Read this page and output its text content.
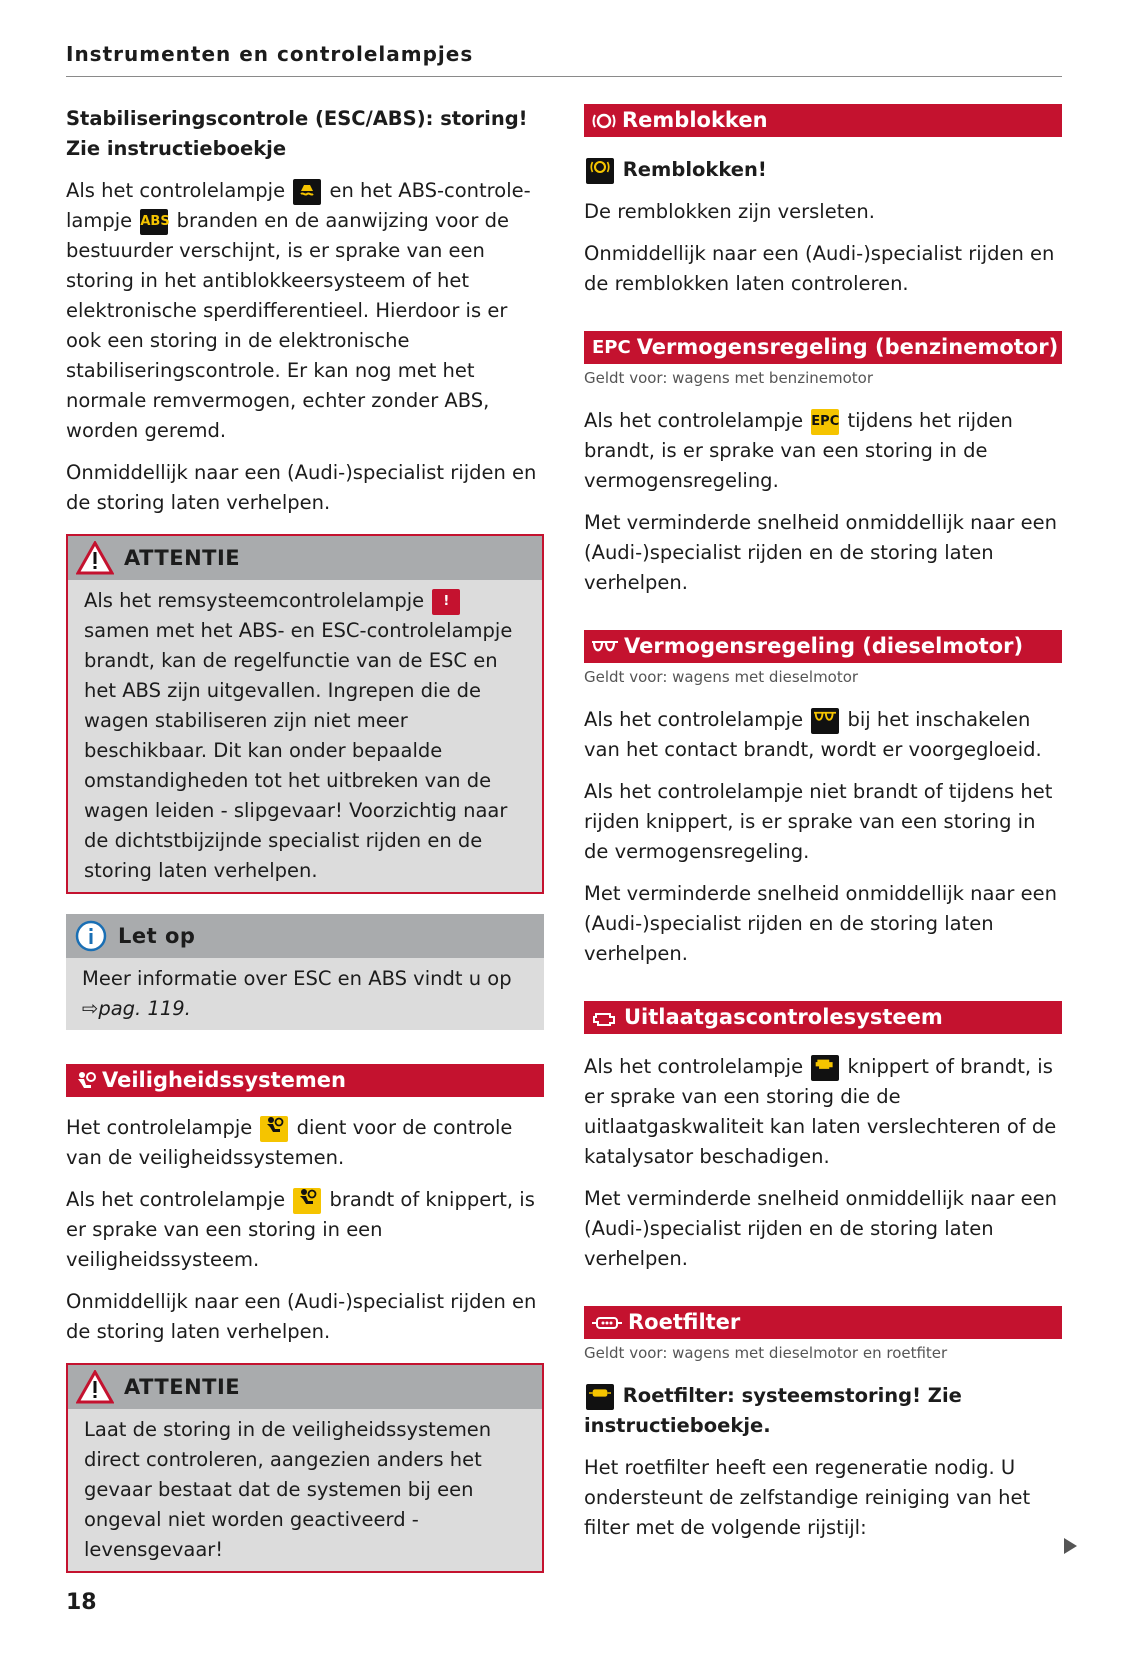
Instrumenten en controlelampjes
Stabiliseringscontrole (ESC/ABS): storing! Zie instructieboekje

Als het controlelampje en het ABS-controle-lampje ABS branden en de aanwijzing voor de bestuurder verschijnt, is er sprake van een storing in het antiblokkeersysteem of het elektronische sperdifferentieel. Hierdoor is er ook een storing in de elektronische stabiliseringscontrole. Er kan nog met het normale remvermogen, echter zonder ABS, worden geremd.

Onmiddellijk naar een (Audi-)specialist rijden en de storing laten verhelpen.

ATTENTIE

Als het remsysteemcontrolelampje ! samen met het ABS- en ESC-controlelampje brandt, kan de regelfunctie van de ESC en het ABS zijn uitgevallen. Ingrepen die de wagen stabiliseren zijn niet meer beschikbaar. Dit kan onder bepaalde omstandigheden tot het uitbreken van de wagen leiden - slipgevaar! Voorzichtig naar de dichtstbijzijnde specialist rijden en de storing laten verhelpen.

Let op

Meer informatie over ESC en ABS vindt u op
⇨pag. 119.

Veiligheidssystemen

Het controlelampje dient voor de controle van de veiligheidssystemen.

Als het controlelampje brandt of knippert, is er sprake van een storing in een veiligheidssysteem.

Onmiddellijk naar een (Audi-)specialist rijden en de storing laten verhelpen.

ATTENTIE

Laat de storing in de veiligheidssystemen direct controleren, aangezien anders het gevaar bestaat dat de systemen bij een ongeval niet worden geactiveerd - levensgevaar!

Remblokken
Remblokken!

De remblokken zijn versleten.

Onmiddellijk naar een (Audi-)specialist rijden en de remblokken laten controleren.

EPC Vermogensregeling (benzinemotor)
Geldt voor: wagens met benzinemotor

Als het controlelampje EPC tijdens het rijden brandt, is er sprake van een storing in de vermogensregeling.

Met verminderde snelheid onmiddellijk naar een (Audi-)specialist rijden en de storing laten verhelpen.

Vermogensregeling (dieselmotor)
Geldt voor: wagens met dieselmotor

Als het controlelampje bij het inschakelen van het contact brandt, wordt er voorgegloeid.

Als het controlelampje niet brandt of tijdens het rijden knippert, is er sprake van een storing in de vermogensregeling.

Met verminderde snelheid onmiddellijk naar een (Audi-)specialist rijden en de storing laten verhelpen.

Uitlaatgascontrolesysteem

Als het controlelampje knippert of brandt, is er sprake van een storing die de uitlaatgaskwaliteit kan laten verslechteren of de katalysator beschadigen.

Met verminderde snelheid onmiddellijk naar een (Audi-)specialist rijden en de storing laten verhelpen.

Roetfilter
Geldt voor: wagens met dieselmotor en roetfiter
Roetfilter: systeemstoring! Zie instructieboekje.

Het roetfilter heeft een regeneratie nodig. U ondersteunt de zelfstandige reiniging van het filter met de volgende rijstijl:

18
